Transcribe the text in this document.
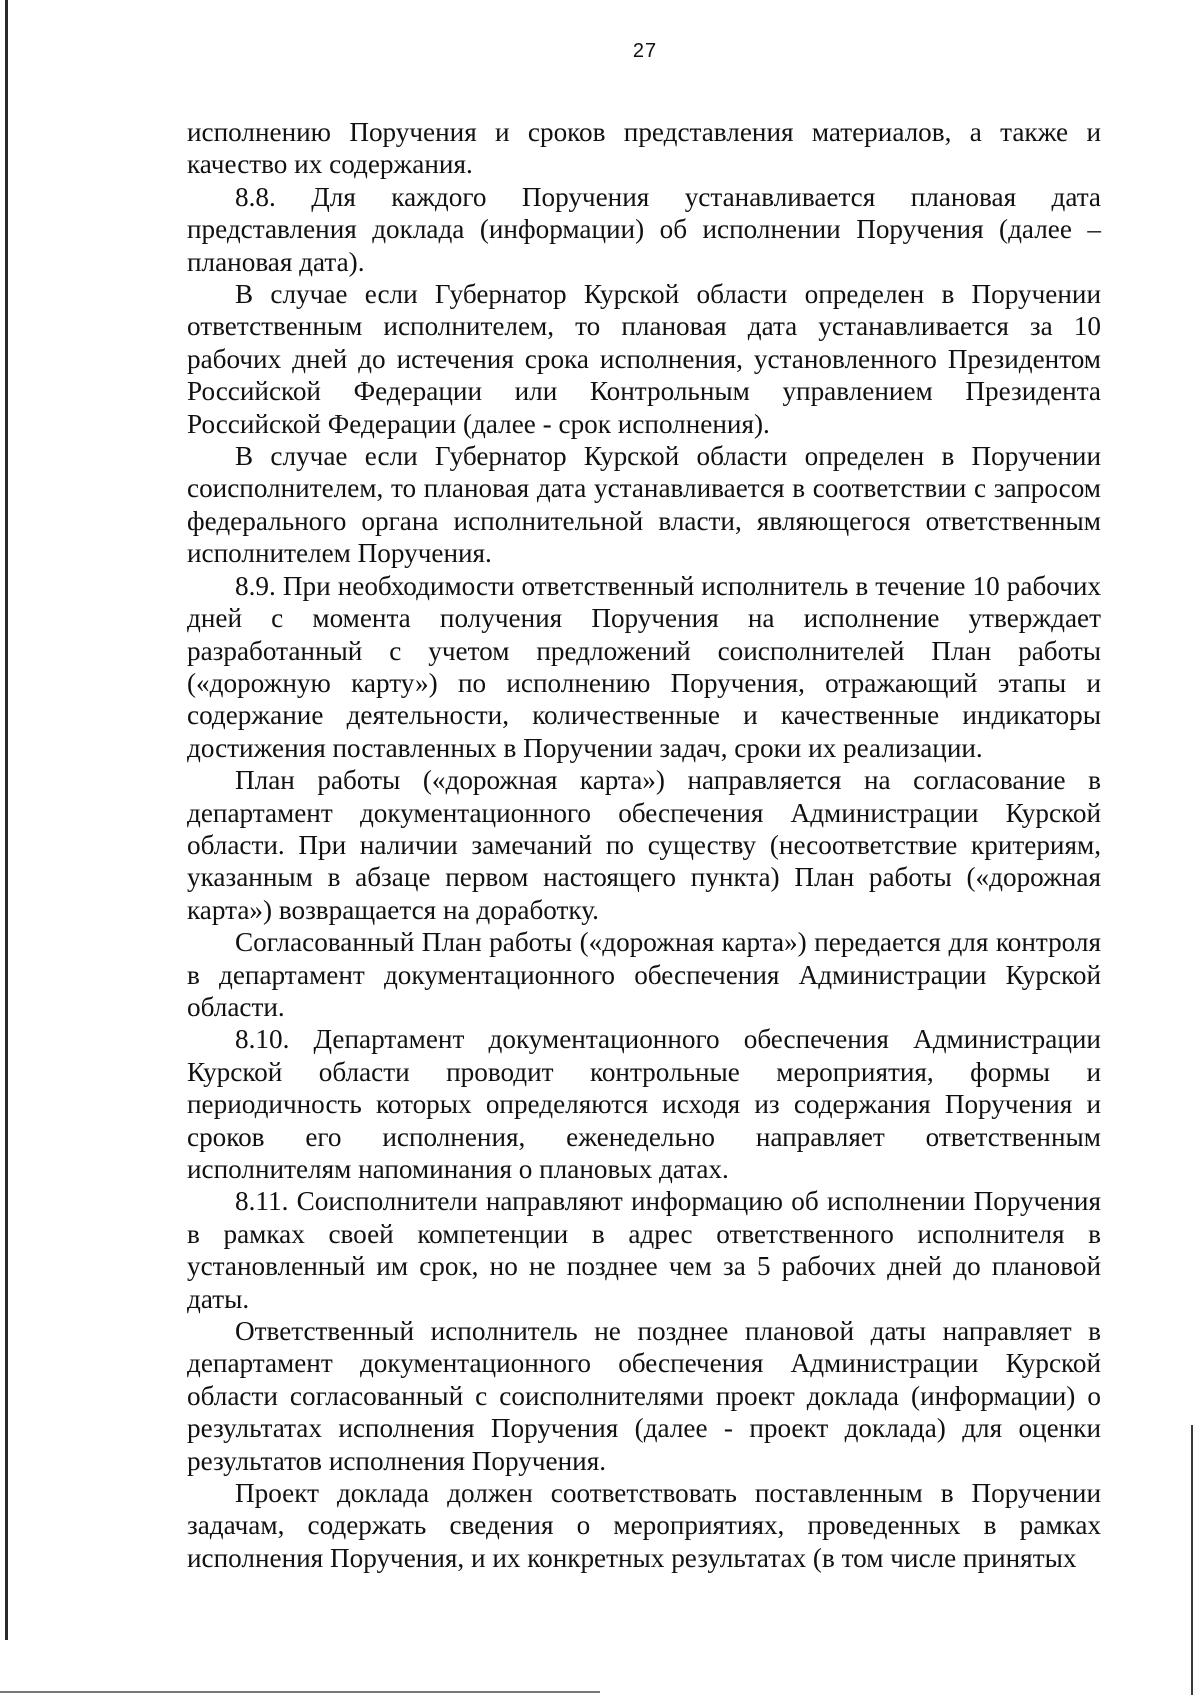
27

исполнению Поручения и сроков представления материалов, а также и качество их содержания.

8.8. Для каждого Поручения устанавливается плановая дата представления доклада (информации) об исполнении Поручения (далее – плановая дата).

В случае если Губернатор Курской области определен в Поручении ответственным исполнителем, то плановая дата устанавливается за 10 рабочих дней до истечения срока исполнения, установленного Президентом Российской Федерации или Контрольным управлением Президента Российской Федерации (далее - срок исполнения).

В случае если Губернатор Курской области определен в Поручении соисполнителем, то плановая дата устанавливается в соответствии с запросом федерального органа исполнительной власти, являющегося ответственным исполнителем Поручения.

8.9. При необходимости ответственный исполнитель в течение 10 рабочих дней с момента получения Поручения на исполнение утверждает разработанный с учетом предложений соисполнителей План работы («дорожную карту») по исполнению Поручения, отражающий этапы и содержание деятельности, количественные и качественные индикаторы достижения поставленных в Поручении задач, сроки их реализации.

План работы («дорожная карта») направляется на согласование в департамент документационного обеспечения Администрации Курской области. При наличии замечаний по существу (несоответствие критериям, указанным в абзаце первом настоящего пункта) План работы («дорожная карта») возвращается на доработку.

Согласованный План работы («дорожная карта») передается для контроля в департамент документационного обеспечения Администрации Курской области.

8.10. Департамент документационного обеспечения Администрации Курской области проводит контрольные мероприятия, формы и периодичность которых определяются исходя из содержания Поручения и сроков его исполнения, еженедельно направляет ответственным исполнителям напоминания о плановых датах.

8.11. Соисполнители направляют информацию об исполнении Поручения в рамках своей компетенции в адрес ответственного исполнителя в установленный им срок, но не позднее чем за 5 рабочих дней до плановой даты.

Ответственный исполнитель не позднее плановой даты направляет в департамент документационного обеспечения Администрации Курской области согласованный с соисполнителями проект доклада (информации) о результатах исполнения Поручения (далее - проект доклада) для оценки результатов исполнения Поручения.

Проект доклада должен соответствовать поставленным в Поручении задачам, содержать сведения о мероприятиях, проведенных в рамках исполнения Поручения, и их конкретных результатах (в том числе принятых
